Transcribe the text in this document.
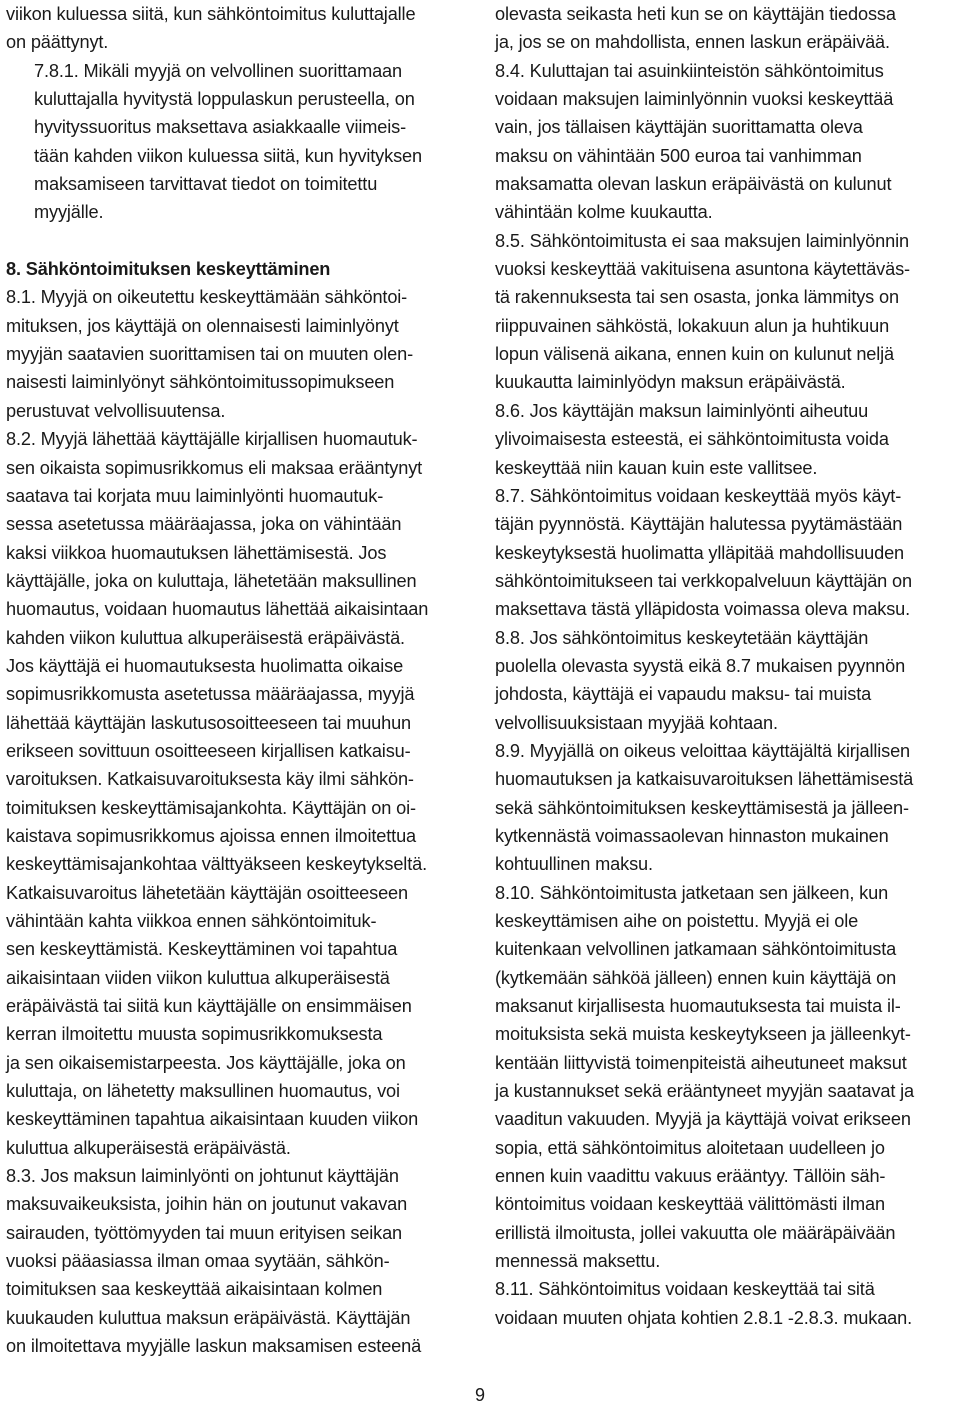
viikon kuluessa siitä, kun sähköntoimitus kuluttajalle
on päättynyt.
7.8.1. Mikäli myyjä on velvollinen suorittamaan
kuluttajalla hyvitystä loppulaskun perusteella, on
hyvityssuoritus maksettava asiakkaalle viimeis-
tään kahden viikon kuluessa siitä, kun hyvityksen
maksamiseen tarvittavat tiedot on toimitettu
myyjälle.
8. Sähköntoimituksen keskeyttäminen
8.1. Myyjä on oikeutettu keskeyttämään sähköntoi-
mituksen, jos käyttäjä on olennaisesti laiminlyönyt
myyjän saatavien suorittamisen tai on muuten olen-
naisesti laiminlyönyt sähköntoimitussopimukseen
perustuvat velvollisuutensa.
8.2. Myyjä lähettää käyttäjälle kirjallisen huomautuk-
sen oikaista sopimusrikkomus eli maksaa erääntynyt
saatava tai korjata muu laiminlyönti huomautuk-
sessa asetetussa määräajassa, joka on vähintään
kaksi viikkoa huomautuksen lähettämisestä. Jos
käyttäjälle, joka on kuluttaja, lähetetään maksullinen
huomautus, voidaan huomautus lähettää aikaisintaan
kahden viikon kuluttua alkuperäisestä eräpäivästä.
Jos käyttäjä ei huomautuksesta huolimatta oikaise
sopimusrikkomusta asetetussa määräajassa, myyjä
lähettää käyttäjän laskutusosoitteeseen tai muuhun
erikseen sovittuun osoitteeseen kirjallisen katkaisu-
varoituksen. Katkaisuvaroituksesta käy ilmi sähkön-
toimituksen keskeyttämisajankohta. Käyttäjän on oi-
kaistava sopimusrikkomus ajoissa ennen ilmoitettua
keskeyttämisajankohtaa välttyäkseen keskeytykseltä.
Katkaisuvaroitus lähetetään käyttäjän osoitteeseen
vähintään kahta viikkoa ennen sähköntoimituk-
sen keskeyttämistä. Keskeyttäminen voi tapahtua
aikaisintaan viiden viikon kuluttua alkuperäisestä
eräpäivästä tai siitä kun käyttäjälle on ensimmäisen
kerran ilmoitettu muusta sopimusrikkomuksesta
ja sen oikaisemistarpeesta. Jos käyttäjälle, joka on
kuluttaja, on lähetetty maksullinen huomautus, voi
keskeyttäminen tapahtua aikaisintaan kuuden viikon
kuluttua alkuperäisestä eräpäivästä.
8.3. Jos maksun laiminlyönti on johtunut käyttäjän
maksuvaikeuksista, joihin hän on joutunut vakavan
sairauden, työttömyyden tai muun erityisen seikan
vuoksi pääasiassa ilman omaa syytään, sähkön-
toimituksen saa keskeyttää aikaisintaan kolmen
kuukauden kuluttua maksun eräpäivästä. Käyttäjän
on ilmoitettava myyjälle laskun maksamisen esteenä
olevasta seikasta heti kun se on käyttäjän tiedossa
ja, jos se on mahdollista, ennen laskun eräpäivää.
8.4. Kuluttajan tai asuinkiinteistön sähköntoimitus
voidaan maksujen laiminlyönnin vuoksi keskeyttää
vain, jos tällaisen käyttäjän suorittamatta oleva
maksu on vähintään 500 euroa tai vanhimman
maksamatta olevan laskun eräpäivästä on kulunut
vähintään kolme kuukautta.
8.5. Sähköntoimitusta ei saa maksujen laiminlyönnin
vuoksi keskeyttää vakituisena asuntona käytettäväs-
tä rakennuksesta tai sen osasta, jonka lämmitys on
riippuvainen sähköstä, lokakuun alun ja huhtikuun
lopun välisenä aikana, ennen kuin on kulunut neljä
kuukautta laiminlyödyn maksun eräpäivästä.
8.6. Jos käyttäjän maksun laiminlyönti aiheutuu
ylivoimaisesta esteestä, ei sähköntoimitusta voida
keskeyttää niin kauan kuin este vallitsee.
8.7. Sähköntoimitus voidaan keskeyttää myös käyt-
täjän pyynnöstä. Käyttäjän halutessa pyytämästään
keskeytyksestä huolimatta ylläpitää mahdollisuuden
sähköntoimitukseen tai verkkopalveluun käyttäjän on
maksettava tästä ylläpidosta voimassa oleva maksu.
8.8. Jos sähköntoimitus keskeytetään käyttäjän
puolella olevasta syystä eikä 8.7 mukaisen pyynnön
johdosta, käyttäjä ei vapaudu maksu- tai muista
velvollisuuksistaan myyjää kohtaan.
8.9. Myyjällä on oikeus veloittaa käyttäjältä kirjallisen
huomautuksen ja katkaisuvaroituksen lähettämisestä
sekä sähköntoimituksen keskeyttämisestä ja jälleen-
kytkennästä voimassaolevan hinnaston mukainen
kohtuullinen maksu.
8.10. Sähköntoimitusta jatketaan sen jälkeen, kun
keskeyttämisen aihe on poistettu. Myyjä ei ole
kuitenkaan velvollinen jatkamaan sähköntoimitusta
(kytkemään sähköä jälleen) ennen kuin käyttäjä on
maksanut kirjallisesta huomautuksesta tai muista il-
moituksista sekä muista keskeytykseen ja jälleenkyt-
kentään liittyvistä toimenpiteistä aiheutuneet maksut
ja kustannukset sekä erääntyneet myyjän saatavat ja
vaaditun vakuuden. Myyjä ja käyttäjä voivat erikseen
sopia, että sähköntoimitus aloitetaan uudelleen jo
ennen kuin vaadittu vakuus erääntyy. Tällöin säh-
köntoimitus voidaan keskeyttää välittömästi ilman
erillistä ilmoitusta, jollei vakuutta ole määräpäivään
mennessä maksettu.
8.11. Sähköntoimitus voidaan keskeyttää tai sitä
voidaan muuten ohjata kohtien 2.8.1 -2.8.3. mukaan.
9
